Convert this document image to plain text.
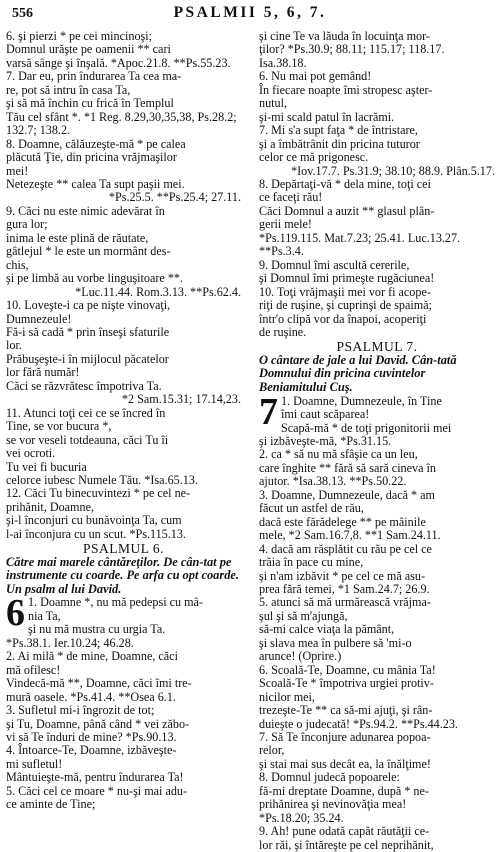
556	PSALMII 5, 6, 7.
6. şi pierzi * pe cei mincinoşi;
Domnul urăşte pe oamenii ** cari
varsă sânge şi înşală. *Apoc.21.8. **Ps.55.23.
7. Dar eu, prin îndurarea Ta cea ma-
re, pot să intru în casa Ta,
şi să mă închin cu frică în Templul
Tău cel sfânt *. *1 Reg. 8.29,30,35,38, Ps.28.2;
132.7; 138.2.
8. Doamne, călăuzeşte-mă * pe calea
plăcută Ţie, din pricina vrăjmaşilor
mei!
Netezeşte ** calea Ta supt paşii mei.
*Ps.25.5. **Ps.25.4; 27.11.
9. Căci nu este nimic adevărat în
gura lor;
inima le este plină de răutate,
gâtlejul * le este un mormânt des-
chis,
şi pe limbă au vorbe linguşitoare **.
*Luc.11.44. Rom.3.13. **Ps.62.4.
10. Loveşte-i ca pe nişte vinovaţi,
Dumnezeule!
Fă-i să cadă * prin înseşi sfaturile
lor.
Prăbuşeşte-i în mijlocul păcatelor
lor fără număr!
Căci se răzvrătesc împotriva Ta.
*2 Sam.15.31; 17.14,23.
11. Atunci toţi cei ce se încred în
Tine, se vor bucura *,
se vor veseli totdeauna, căci Tu îi
vei ocroti.
Tu vei fi bucuria
celorce iubesc Numele Tău. *Isa.65.13.
12. Căci Tu binecuvintezi * pe cel ne-
prihănit, Doamne,
şi-l înconjuri cu bunăvoinţa Ta, cum
l-ai înconjura cu un scut. *Ps.115.13.
PSALMUL 6.
Către mai marele cântăreţilor. De cân-tat pe instrumente cu coarde. Pe arfa cu opt coarde. Un psalm al lui David.
6 1. Doamne *, nu mă pedepsi cu mâ-
nia Ta,
şi nu mă mustra cu urgia Ta.
*Ps.38.1. Ier.10.24; 46.28.
2. Ai milă * de mine, Doamne, căci
mă ofilesc!
Vindecă-mă **, Doamne, căci îmi tre-
mură oasele. *Ps.41.4. **Osea 6.1.
3. Sufletul mi-i îngrozit de tot;
şi Tu, Doamne, până când * vei zăbo-
vi să Te înduri de mine? *Ps.90.13.
4. Întoarce-Te, Doamne, izbăveşte-
mi sufletul!
Mântuieşte-mă, pentru îndurarea Ta!
5. Căci cel ce moare * nu-şi mai adu-
ce aminte de Tine;
şi cine Te va lăuda în locuinţa mor-
ţilor? *Ps.30.9; 88.11; 115.17; 118.17. Isa.38.18.
6. Nu mai pot gemând!
În fiecare noapte îmi stropesc aşter-
nutul,
şi-mi scald patul în lacrămi.
7. Mi s'a supt faţa * de întristare,
şi a îmbătrânit din pricina tuturor
celor ce mă prigonesc.
*Iov.17.7. Ps.31.9; 38.10; 88.9. Plân.5.17.
8. Depărtaţi-vă * dela mine, toţi cei
ce faceţi rău!
Căci Domnul a auzit ** glasul plân-
gerii mele!
*Ps.119.115. Mat.7.23; 25.41. Luc.13.27. **Ps.3.4.
9. Domnul îmi ascultă cererile,
şi Domnul îmi primeşte rugăciunea!
10. Toţi vrăjmaşii mei vor fi acope-
riţi de ruşine, şi cuprinşi de spaimă;
într'o clipă vor da înapoi, acoperiţi
de ruşine.
PSALMUL 7.
O cântare de jale a lui David. Cân-tată Domnului din pricina cuvintelor Beniamitului Cuş.
7 1. Doamne, Dumnezeule, în Tine
îmi caut scăparea!
Scapă-mă * de toţi prigonitorii mei
şi izbăveşte-mă, *Ps.31.15.
2. ca * să nu mă sfâşie ca un leu,
care înghite ** fără să sară cineva în
ajutor. *Isa.38.13. **Ps.50.22.
3. Doamne, Dumnezeule, dacă * am
făcut un astfel de rău,
dacă este fărădelege ** pe mâinile
mele, *2 Sam.16.7,8. **1 Sam.24.11.
4. dacă am răsplătit cu rău pe cel ce
trăia în pace cu mine,
şi n'am izbăvit * pe cel ce mă asu-
prea fără temei, *1 Sam.24.7; 26.9.
5. atunci să mă urmărească vrăjma-
şul şi să m'ajungă,
să-mi calce viaţa la pământ,
şi slava mea în pulbere să 'mi-o
arunce! (Oprire.)
6. Scoală-Te, Doamne, cu mânia Ta!
Scoală-Te * împotriva urgiei protiv-
nicilor mei,
trezeşte-Te ** ca să-mi ajuţi, şi rân-
duieşte o judecată! *Ps.94.2. **Ps.44.23.
7. Să Te înconjure adunarea popoa-
relor,
şi stai mai sus decât ea, la înălţime!
8. Domnul judecă popoarele:
fă-mi dreptate Doamne, după * ne-
prihănirea şi nevinovăţia mea!
*Ps.18.20; 35.24.
9. Ah! pune odată capăt răutăţii ce-
lor răi, şi întăreşte pe cel neprihănit,
